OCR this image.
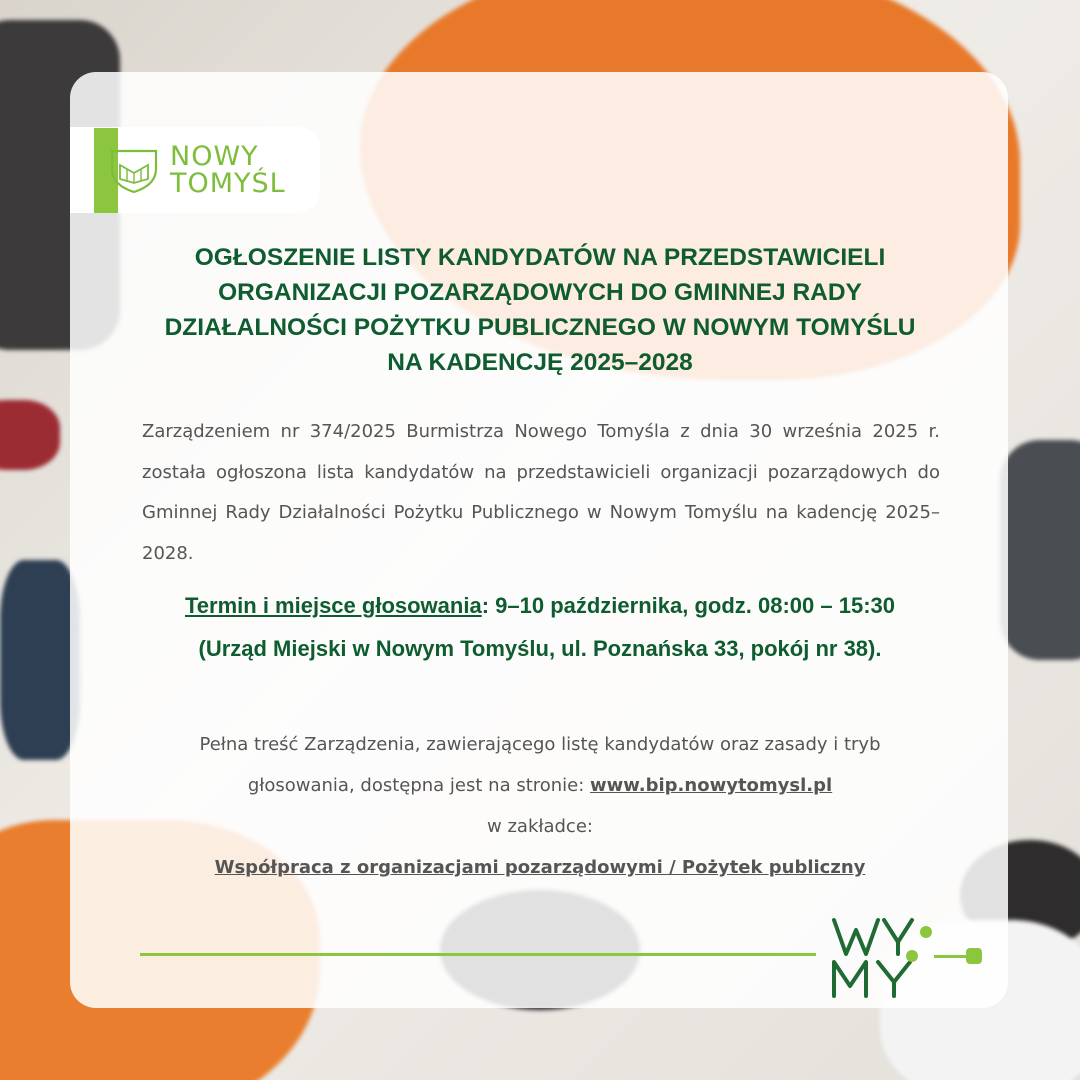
NOWY
TOMYŚL
OGŁOSZENIE LISTY KANDYDATÓW NA PRZEDSTAWICIELI
ORGANIZACJI POZARZĄDOWYCH DO GMINNEJ RADY
DZIAŁALNOŚCI POŻYTKU PUBLICZNEGO W NOWYM TOMYŚLU
NA KADENCJĘ 2025–2028
Zarządzeniem nr 374/2025 Burmistrza Nowego Tomyśla z dnia 30 września 2025 r. została ogłoszona lista kandydatów na przedstawicieli organizacji pozarządowych do Gminnej Rady Działalności Pożytku Publicznego w Nowym Tomyślu na kadencję 2025–2028.
Termin i miejsce głosowania: 9–10 października, godz. 08:00 – 15:30
(Urząd Miejski w Nowym Tomyślu, ul. Poznańska 33, pokój nr 38).
Pełna treść Zarządzenia, zawierającego listę kandydatów oraz zasady i tryb
głosowania, dostępna jest na stronie: www.bip.nowytomysl.pl
w zakładce:
Współpraca z organizacjami pozarządowymi / Pożytek publiczny
